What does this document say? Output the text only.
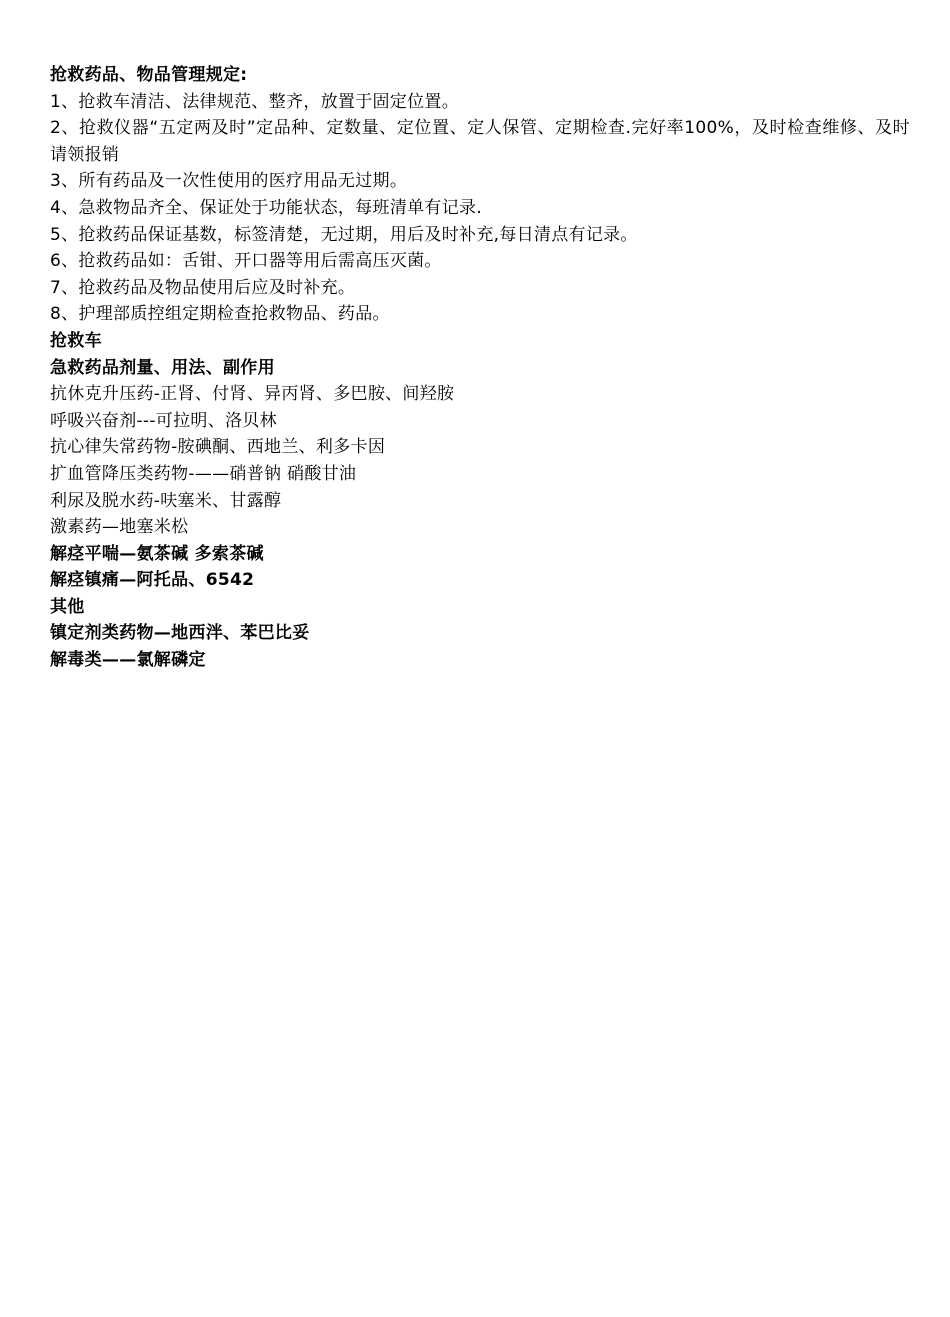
抢救药品、物品管理规定:
1、抢救车清洁、法律规范、整齐，放置于固定位置。
2、抢救仪器“五定两及时”定品种、定数量、定位置、定人保管、定期检查.完好率100%，及时检查维修、及时请领报销
3、所有药品及一次性使用的医疗用品无过期。
4、急救物品齐全、保证处于功能状态，每班清单有记录.
5、抢救药品保证基数，标签清楚，无过期，用后及时补充,每日清点有记录。
6、抢救药品如：舌钳、开口器等用后需高压灭菌。
7、抢救药品及物品使用后应及时补充。
8、护理部质控组定期检查抢救物品、药品。
抢救车
急救药品剂量、用法、副作用
抗休克升压药-正肾、付肾、异丙肾、多巴胺、间羟胺
呼吸兴奋剂---可拉明、洛贝林
抗心律失常药物-胺碘酮、西地兰、利多卡因
扩血管降压类药物-——硝普钠 硝酸甘油
利尿及脱水药-呋塞米、甘露醇
激素药—地塞米松
解痉平喘—氨茶碱 多索茶碱
解痉镇痛—阿托品、6542
其他
镇定剂类药物—地西泮、苯巴比妥
解毒类——氯解磷定
